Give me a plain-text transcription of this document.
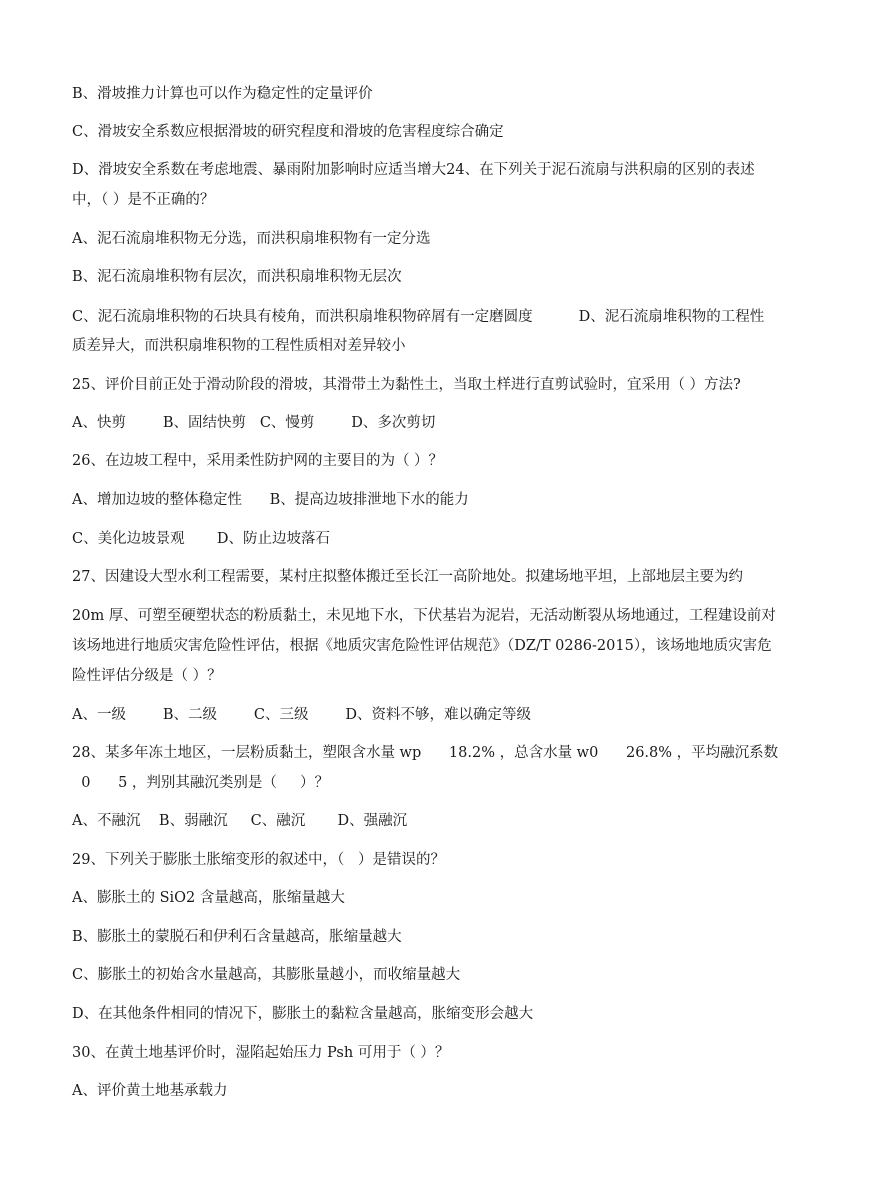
B、滑坡推力计算也可以作为稳定性的定量评价
C、滑坡安全系数应根据滑坡的研究程度和滑坡的危害程度综合确定
D、滑坡安全系数在考虑地震、暴雨附加影响时应适当增大24、在下列关于泥石流扇与洪积扇的区别的表述
中，（ ）是不正确的？
A、泥石流扇堆积物无分选，而洪积扇堆积物有一定分选
B、泥石流扇堆积物有层次，而洪积扇堆积物无层次
C、泥石流扇堆积物的石块具有棱角，而洪积扇堆积物碎屑有一定磨圆度          D、泥石流扇堆积物的工程性
质差异大，而洪积扇堆积物的工程性质相对差异较小
25、评价目前正处于滑动阶段的滑坡，其滑带土为黏性土，当取土样进行直剪试验时，宜采用（ ）方法?
A、快剪        B、固结快剪   C、慢剪        D、多次剪切
26、在边坡工程中，采用柔性防护网的主要目的为（ ）？
A、增加边坡的整体稳定性      B、提高边坡排泄地下水的能力
C、美化边坡景观       D、防止边坡落石
27、因建设大型水利工程需要，某村庄拟整体搬迁至长江一高阶地处。拟建场地平坦，上部地层主要为约
20m 厚、可塑至硬塑状态的粉质黏土，未见地下水，下伏基岩为泥岩，无活动断裂从场地通过，工程建设前对
该场地进行地质灾害危险性评估，根据《地质灾害危险性评估规范》（DZ/T 0286-2015），该场地地质灾害危
险性评估分级是（ ）？
A、一级        B、二级        C、三级        D、资料不够，难以确定等级
28、某多年冻土地区，一层粉质黏土，塑限含水量 wp      18.2% ，总含水量 w0      26.8% ，平均融沉系数
0      5 ，判别其融沉类别是（     ）？
A、不融沉    B、弱融沉     C、融沉       D、强融沉
29、下列关于膨胀土胀缩变形的叙述中，（   ）是错误的？
A、膨胀土的 SiO2 含量越高，胀缩量越大
B、膨胀土的蒙脱石和伊利石含量越高，胀缩量越大
C、膨胀土的初始含水量越高，其膨胀量越小，而收缩量越大
D、在其他条件相同的情况下，膨胀土的黏粒含量越高，胀缩变形会越大
30、在黄土地基评价时，湿陷起始压力 Psh 可用于（ ）？
A、评价黄土地基承载力
